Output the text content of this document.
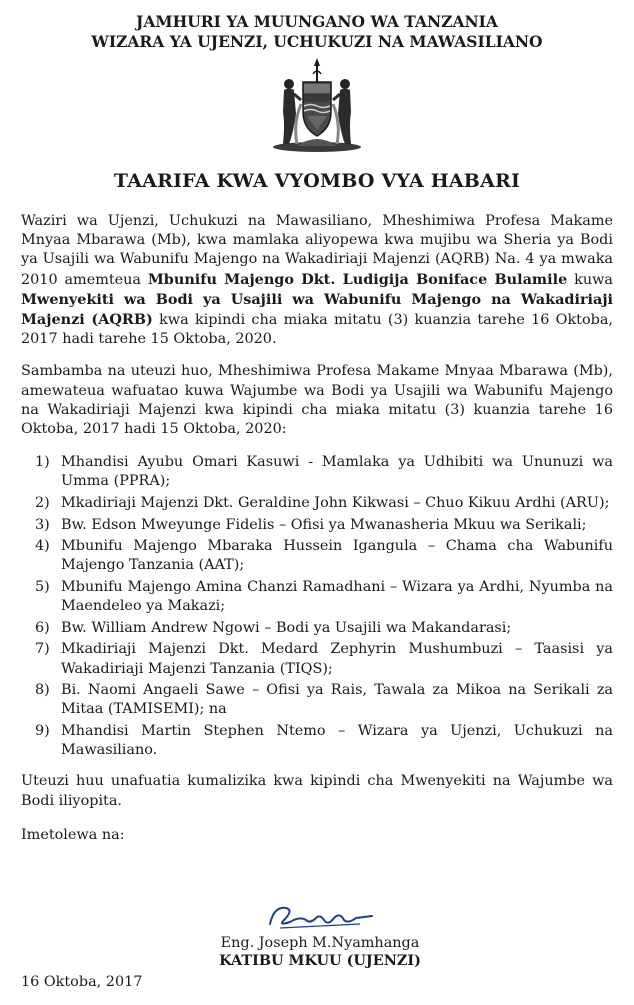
JAMHURI YA MUUNGANO WA TANZANIA
WIZARA YA UJENZI, UCHUKUZI NA MAWASILIANO
TAARIFA KWA VYOMBO VYA HABARI

Waziri wa Ujenzi, Uchukuzi na Mawasiliano, Mheshimiwa Profesa Makame Mnyaa Mbarawa (Mb), kwa mamlaka aliyopewa kwa mujibu wa Sheria ya Bodi ya Usajili wa Wabunifu Majengo na Wakadiriaji Majenzi (AQRB) Na. 4 ya mwaka 2010 amemteua Mbunifu Majengo Dkt. Ludigija Boniface Bulamile kuwa Mwenyekiti wa Bodi ya Usajili wa Wabunifu Majengo na Wakadiriaji Majenzi (AQRB) kwa kipindi cha miaka mitatu (3) kuanzia tarehe 16 Oktoba, 2017 hadi tarehe 15 Oktoba, 2020.

Sambamba na uteuzi huo, Mheshimiwa Profesa Makame Mnyaa Mbarawa (Mb), amewateua wafuatao kuwa Wajumbe wa Bodi ya Usajili wa Wabunifu Majengo na Wakadiriaji Majenzi kwa kipindi cha miaka mitatu (3) kuanzia tarehe 16 Oktoba, 2017 hadi 15 Oktoba, 2020:

1) Mhandisi Ayubu Omari Kasuwi - Mamlaka ya Udhibiti wa Ununuzi wa Umma (PPRA);
2) Mkadiriaji Majenzi Dkt. Geraldine John Kikwasi – Chuo Kikuu Ardhi (ARU);
3) Bw. Edson Mweyunge Fidelis – Ofisi ya Mwanasheria Mkuu wa Serikali;
4) Mbunifu Majengo Mbaraka Hussein Igangula – Chama cha Wabunifu Majengo Tanzania (AAT);
5) Mbunifu Majengo Amina Chanzi Ramadhani – Wizara ya Ardhi, Nyumba na Maendeleo ya Makazi;
6) Bw. William Andrew Ngowi – Bodi ya Usajili wa Makandarasi;
7) Mkadiriaji Majenzi Dkt. Medard Zephyrin Mushumbuzi – Taasisi ya Wakadiriaji Majenzi Tanzania (TIQS);
8) Bi. Naomi Angaeli Sawe – Ofisi ya Rais, Tawala za Mikoa na Serikali za Mitaa (TAMISEMI); na
9) Mhandisi Martin Stephen Ntemo – Wizara ya Ujenzi, Uchukuzi na Mawasiliano.

Uteuzi huu unafuatia kumalizika kwa kipindi cha Mwenyekiti na Wajumbe wa Bodi iliyopita.

Imetolewa na:
Eng. Joseph M.Nyamhanga
KATIBU MKUU (UJENZI)
16 Oktoba, 2017
